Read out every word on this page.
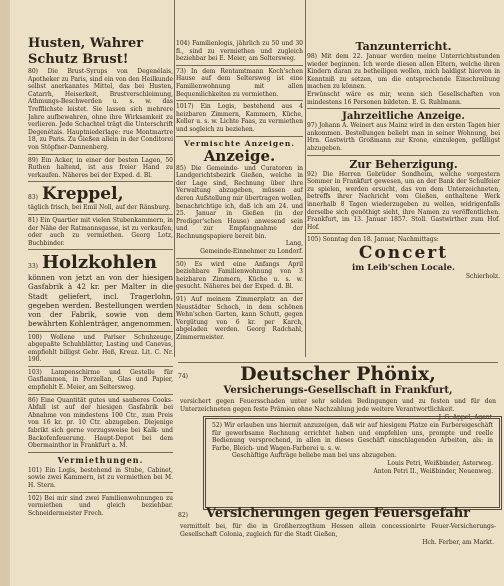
Husten, Wahrer Schutz Brust!

80) Die Brust-Syrups von Degenélais, Apotheker zu Paris, sind ein von den Heilkunde selbst anerkanntes Mittel, das bei Husten, Catarrh, Heiserkeit, Brustverschleimung, Athmungs-Beschwerden u. s. w. das Trefflichste leistet. Sie lassen sich mehrere Jahre aufbewahren, ohne ihre Wirksamkeit zu verlieren. Jede Schachtel trägt die Unterschrift Degenétais. Hauptniederlage: rue Montmartre 18, zu Paris. Zu Gießen allein in der Conditorei von Stöpfner-Dannenberg.

89) Ein Acker, in einer der besten Lagen, 50 Ruthen haltend, ist aus freier Hand zu verkaufen. Näheres bei der Exped. d. Bl.

83) Kreppel,

täglich frisch, bei Emil Noll, auf der Ränsburg.

81) Ein Quartier mit vielen Stubenkammern, in der Nähe der Ratmannsgasse, ist zu verkaufen, oder auch zu vermiethen. Georg Lotz, Buchbinder.

33) Holzkohlen

können von jetzt an von der hiesigen Gasfabrik à 42 kr. per Malter in die Stadt geliefert, incl. Tragerlohn, gegeben werden. Bestellungen werden von der Fabrik, sowie von dem bewährten Kohlenträger, angenommen.

100) Wollene und Pariser Schuhzeuge, abgepaßte Schuhblätter, Lasting und Canevas, empfiehlt billigst Gebr. Heß, Kreuz. Lit. C. Nr. 190.

103) Lampenschirme und Gestelle für Gasflammen, in Porzellan, Glas und Papier, empfiehlt E. Meier, am Seltersweg.

86) Eine Quantität gutes und sauberes Cooks-Abfall ist auf der hiesigen Gasfabrik bei Abnahme von mindestens 100 Ctr., zum Preis von 16 kr. pr. 10 Ctr. abzugeben. Diejenige fabrikt sich gerne vorzugsweise bei Kalk- und Backofenfeuerung. Haupt-Depot bei dem Obermainthor in Frankfurt a. M.

Vermiethungen.

101) Ein Logis, bestehend in Stube, Cabinet, sowie zwei Kammern, ist zu vermiethen bei M. H. Stern.

102) Bei mir sind zwei Familienwohnungen zu vermiethen und gleich beziehbar. Schneidermeister Frech.

104) Familienlogis, jährlich zu 50 und 30 fl., sind zu vermiethen und zugleich beziehbar bei E. Meier, am Seltersweg.

73) In dem Rentamtmann Koch'schen Hause auf dem Seltersweg ist eine Familienwohnung mit allen Bequemlichkeiten zu vermiethen.

1017) Ein Logis, bestehend aus 4 heizbaren Zimmern, Kammern, Küche, Keller u. s. w. Lichte Faas, zu vermiethen und sogleich zu beziehen.

Vermischte Anzeigen.
Anzeige.

85) Die Gemeinde- und Curatoren in Landgerichtsbezirk Gießen, welche in der Lage sind, Rechnung über ihre Verwaltung abzugeben, müssen auf deren Aufstellung mir übertragen wollen, benachrichtige ich, daß ich am 24. und 25. Januar in Gießen (in der Prediger'schen Hause) anwesend sein und zur Empfangnahme der Rechnungspapiere bereit bin.

Lang,
Gemeinde-Einnehmer zu Londorf.

50) Es wird eine Anfangs April beziehbare Familienwohnung von 3 heizbaren Zimmern, Küche u. s. w. gesucht. Näheres bei der Exped. d. Bl.

91) Auf meinem Zimmerplatz an der Neustädter Schoch, in dem schönen Wehn'schen Garten, kann Schutt, gegen Vergütung von 6 kr. per Karch, abgeladen werden. Georg Radchahl, Zimmermeister.

Tanzunterricht.

98) Mit dem 22. Januar werden meine Unterrichtsstunden wieder beginnen. Ich werde diesen allen Eltern, welche ihren Kindern daran zu betheiligen wollen, mich baldigst hiervon in Kenntniß zu setzen, um die entsprechende Einschreibung machen zu können.

Erwünscht wäre es mir, wenn sich Gesellschaften von mindestens 16 Personen bildeten. E. G. Ruhlmann.

Jahrzeitliche Anzeige.

97) Johann A. Weinert aus Mainz wird in den ersten Tagen hier ankommen. Bestellungen beliebt man in seiner Wohnung, bei Hrn. Gastwirth Großmann zur Krone, einzulegen, gefälligst abzugeben.

Zur Beherzigung.

92) Die Herren Gebrüder Sondheim, welche vorgestern Sommer in Frankfurt gewesen, um an der Bank der Schulfeier zu spielen, werden ersucht, das von dem Unterzeichneten, betreffs ihrer Nachricht vom Gießen, enthaltene Werk innerhalb 8 Tagen wiederzugeben zu wollen, widrigenfalls derselbe sich genöthigt sieht, ihre Namen zu veröffentlichen. Frankfurt, im 13. Januar 1857. Stoll. Gastwirther zum Hof. Hof.

105) Sonntag den 18. Januar, Nachmittags:

Concert
im Leib'schen Locale.
Schierholz.
74)	Deutscher Phönix,
Versicherungs-Gesellschaft in Frankfurt,

versichert gegen Feuersschaden unter sehr soliden Bedingungen und zu festen und für den Unterzeichneten gegen feste Prämien ohne Nachzahlung jede weitere Verantwortlichkeit.

J. G. Appel, Agent.

52) Wir erlauben uns hiermit anzuzeigen, daß wir auf hiesigem Platze ein Farbereigeschäft für gewerbsame Rechnung errichtet haben und empfehlen uns, prompte und reelle Bedienung versprechend, in allen in dieses Geschäft einschlagenden Arbeiten, als: in Farbe, Bleich- und Wagen-Farberei u. s. w.

Geschäftige Aufträge beliebe man bei uns abzugeben.

Louis Petri, Weißbinder, Asterweg.
Anton Petri II., Weißbinder, Neuenweg.
82)	Versicherungen gegen Feuersgefahr

vermittelt bei, für die in Großherzogthum Hessen allein concessionirte Feuer-Versicherungs-Gesellschaft Colonia, zugleich für die Stadt Gießen,

Hch. Ferber, am Markt.
